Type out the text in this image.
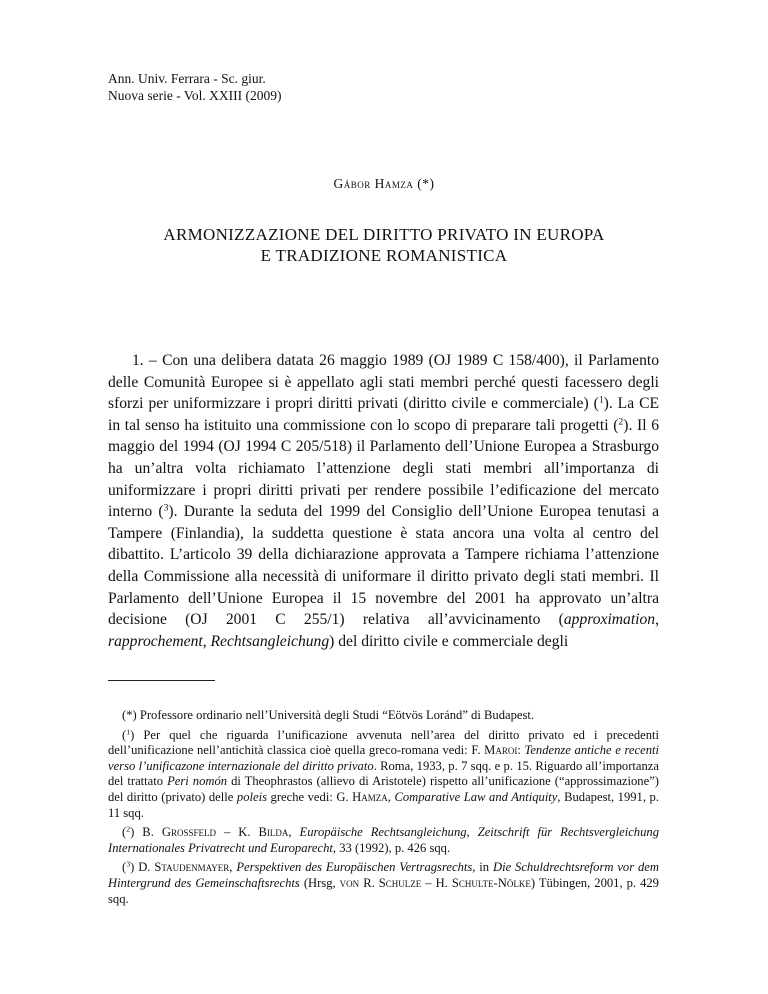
Ann. Univ. Ferrara - Sc. giur.
Nuova serie - Vol. XXIII (2009)
Gábor Hamza (*)
ARMONIZZAZIONE DEL DIRITTO PRIVATO IN EUROPA
E TRADIZIONE ROMANISTICA

1. – Con una delibera datata 26 maggio 1989 (OJ 1989 C 158/400), il Parlamento delle Comunità Europee si è appellato agli stati membri perché questi facessero degli sforzi per uniformizzare i propri diritti privati (diritto civile e commerciale) ($^1$). La CE in tal senso ha istituito una commissione con lo scopo di preparare tali progetti ($^2$). Il 6 maggio del 1994 (OJ 1994 C 205/518) il Parlamento dell’Unione Europea a Strasburgo ha un’altra volta richiamato l’attenzione degli stati membri all’importanza di uniformizzare i propri diritti privati per rendere possibile l’edificazione del mercato interno ($^3$). Durante la seduta del 1999 del Consiglio dell’Unione Europea tenutasi a Tampere (Finlandia), la suddetta questione è stata ancora una volta al centro del dibattito. L’articolo 39 della dichiarazione approvata a Tampere richiama l’attenzione della Commissione alla necessità di uniformare il diritto privato degli stati membri. Il Parlamento dell’Unione Europea il 15 novembre del 2001 ha approvato un’altra decisione (OJ 2001 C 255/1) relativa all’avvicinamento (approximation, rapprochement, Rechtsangleichung) del diritto civile e commerciale degli

(*) Professore ordinario nell’Università degli Studi “Eötvös Loránd” di Budapest.

($^1$) Per quel che riguarda l’unificazione avvenuta nell’area del diritto privato ed i precedenti dell’unificazione nell’antichità classica cioè quella greco-romana vedi: F. Maroi: Tendenze antiche e recenti verso l’unificazone internazionale del diritto privato. Roma, 1933, p. 7 sqq. e p. 15. Riguardo all’importanza del trattato Peri nomón di Theophrastos (allievo di Aristotele) rispetto all’unificazione (“approssimazione”) del diritto (privato) delle poleis greche vedi: G. Hamza, Comparative Law and Antiquity, Budapest, 1991, p. 11 sqq.

($^2$) B. Großfeld – K. Bilda, Europäische Rechtsangleichung, Zeitschrift für Rechtsvergleichung Internationales Privatrecht und Europarecht, 33 (1992), p. 426 sqq.

($^3$) D. Staudenmayer, Perspektiven des Europäischen Vertragsrechts, in Die Schuldrechtsreform vor dem Hintergrund des Gemeinschaftsrechts (Hrsg, von R. Schulze – H. Schulte-Nölke) Tübingen, 2001, p. 429 sqq.
